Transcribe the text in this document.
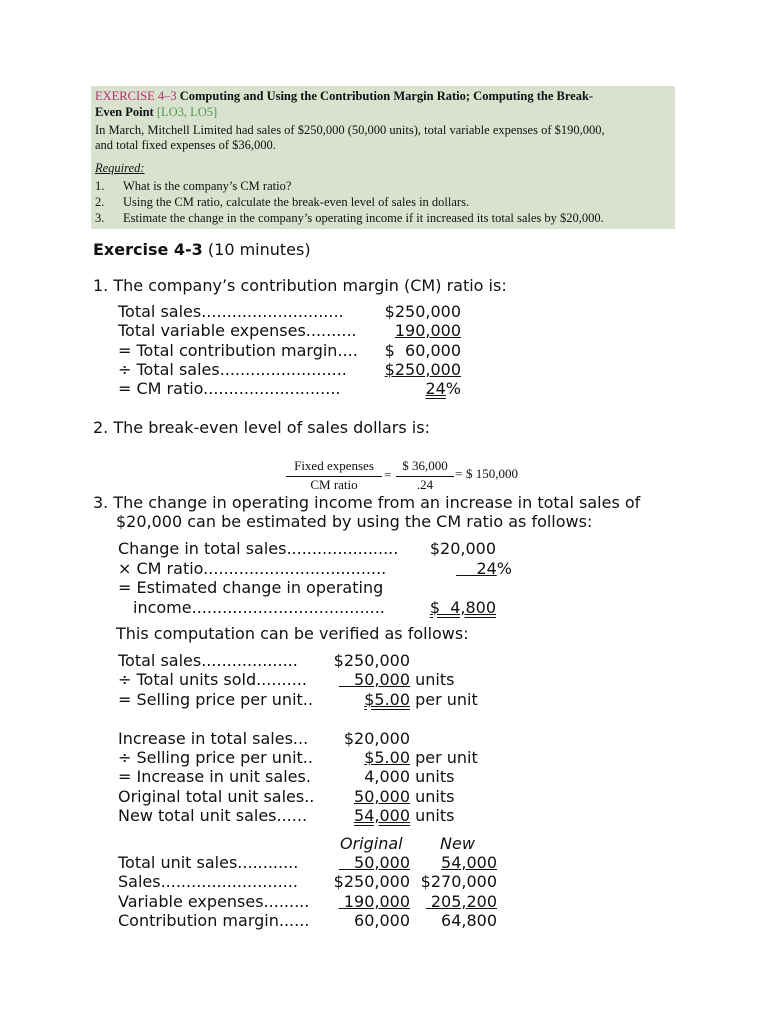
EXERCISE 4–3 Computing and Using the Contribution Margin Ratio; Computing the Break-
Even Point [LO3, LO5]
In March, Mitchell Limited had sales of $250,000 (50,000 units), total variable expenses of $190,000,
and total fixed expenses of $36,000.
Required:
1. What is the company’s CM ratio?
2. Using the CM ratio, calculate the break-even level of sales in dollars.
3. Estimate the change in the company’s operating income if it increased its total sales by $20,000.
Exercise 4-3 (10 minutes)
1. The company’s contribution margin (CM) ratio is:
Total sales............................	$250,000
Total variable expenses..........	190,000
= Total contribution margin....	$  60,000
÷ Total sales.........................	$250,000
= CM ratio...........................	24%
2. The break-even level of sales dollars is:
Fixed expenses
CM ratio
=
$ 36,000
.24
= $ 150,000
3. The change in operating income from an increase in total sales of
$20,000 can be estimated by using the CM ratio as follows:
Change in total sales......................	$20,000
× CM ratio....................................	24%
= Estimated change in operating
income......................................	$  4,800
This computation can be verified as follows:
Total sales...................	$250,000
÷ Total units sold..........	50,000 units
= Selling price per unit..	$5.00 per unit
Increase in total sales...	$20,000
÷ Selling price per unit..	$5.00 per unit
= Increase in unit sales.	4,000 units
Original total unit sales..	50,000 units
New total unit sales......	54,000 units
Original New
Total unit sales............	50,000	54,000
Sales...........................	$250,000 $270,000
Variable expenses.........	190,000	205,200
Contribution margin......	60,000	64,800
